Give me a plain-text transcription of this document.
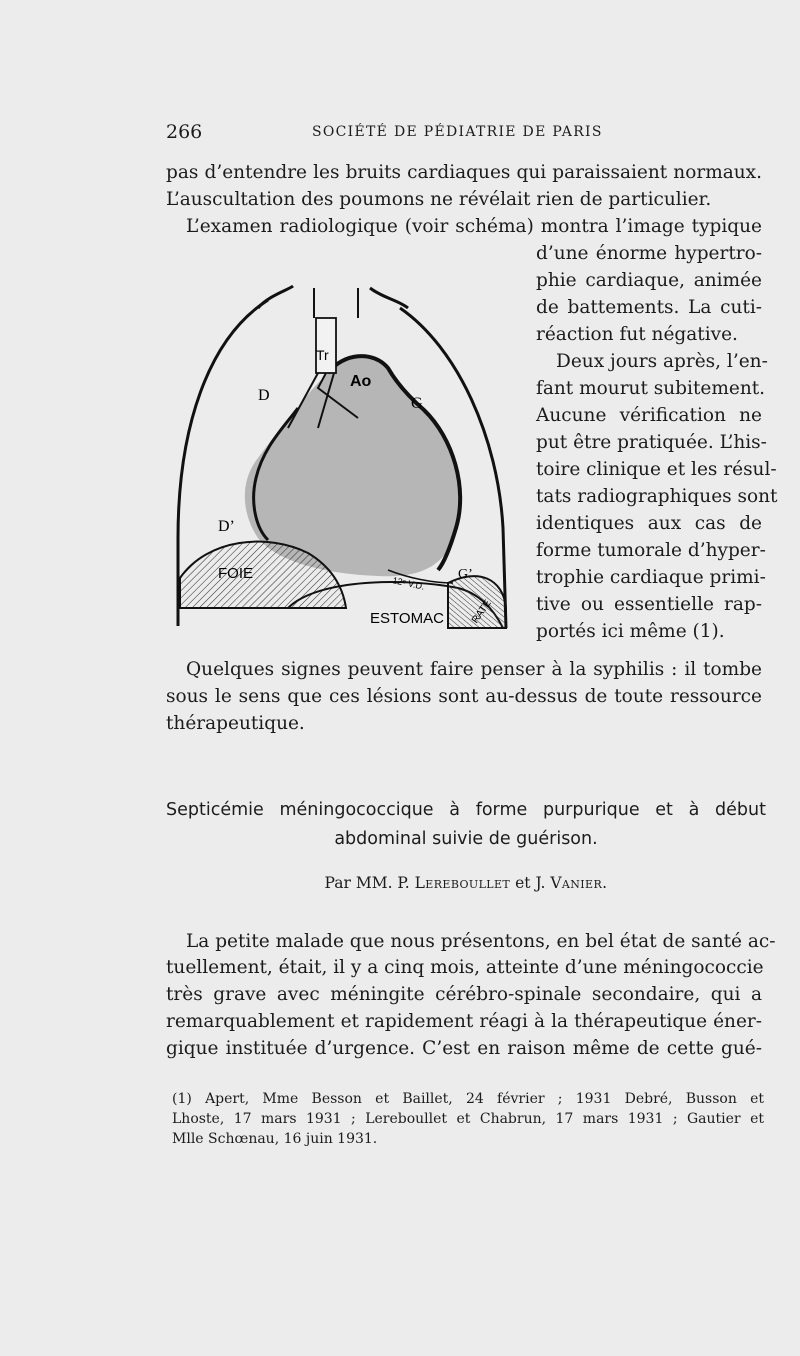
266	SOCIÉTÉ DE PÉDIATRIE DE PARIS
pas d’entendre les bruits cardiaques qui paraissaient normaux.
L’auscultation des poumons ne révélait rien de particulier.
L’examen radiologique (voir schéma) montra l’image typique
d’une énorme hypertro-
phie cardiaque, animée
de battements. La cuti-
réaction fut négative.
Deux jours après, l’en-
fant mourut subitement.
Aucune vérification ne
put être pratiquée. L’his-
toire clinique et les résul-
tats radiographiques sont
identiques aux cas de
forme tumorale d’hyper-
trophie cardiaque primi-
tive ou essentielle rap-
portés ici même (1).
Tr
Ao
D	G
D’
G’
FOIE
ESTOMAC	RATE
12ᵉ V.D.
Quelques signes peuvent faire penser à la syphilis : il tombe
sous le sens que ces lésions sont au-dessus de toute ressource
thérapeutique.
Septicémie méningococcique à forme purpurique et à début
abdominal suivie de guérison.
Par MM. P. Lereboullet et J. Vanier.
La petite malade que nous présentons, en bel état de santé ac-
tuellement, était, il y a cinq mois, atteinte d’une méningococcie
très grave avec méningite cérébro-spinale secondaire, qui a
remarquablement et rapidement réagi à la thérapeutique éner-
gique instituée d’urgence. C’est en raison même de cette gué-
(1) Apert, Mme Besson et Baillet, 24 février ; 1931 Debré, Busson et
Lhoste, 17 mars 1931 ; Lereboullet et Chabrun, 17 mars 1931 ; Gautier et
Mlle Schœnau, 16 juin 1931.
